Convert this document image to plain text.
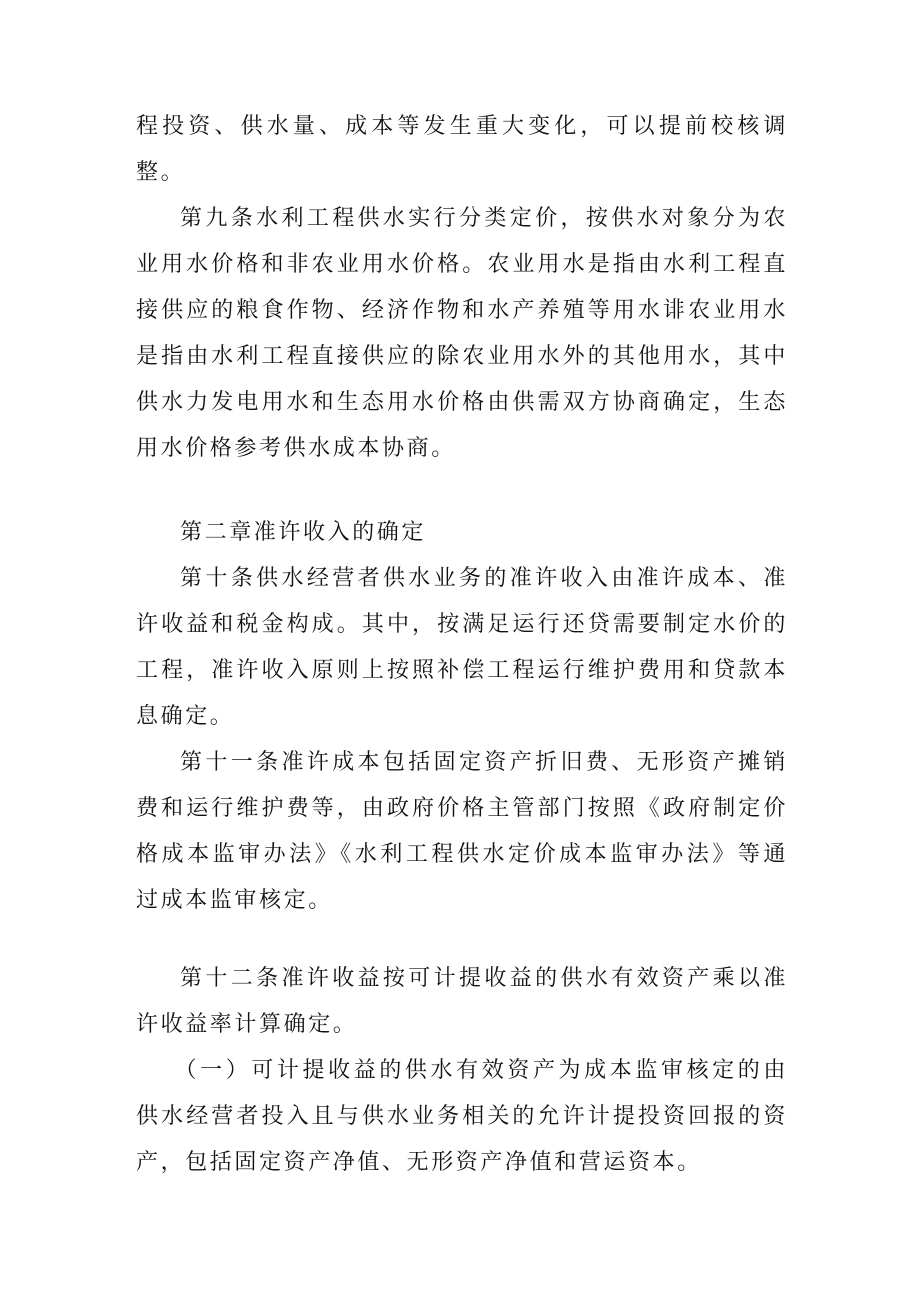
程投资、供水量、成本等发生重大变化，可以提前校核调整。

第九条水利工程供水实行分类定价，按供水对象分为农业用水价格和非农业用水价格。农业用水是指由水利工程直接供应的粮食作物、经济作物和水产养殖等用水诽农业用水是指由水利工程直接供应的除农业用水外的其他用水，其中供水力发电用水和生态用水价格由供需双方协商确定，生态用水价格参考供水成本协商。

第二章准许收入的确定

第十条供水经营者供水业务的准许收入由准许成本、准许收益和税金构成。其中，按满足运行还贷需要制定水价的工程，准许收入原则上按照补偿工程运行维护费用和贷款本息确定。

第十一条准许成本包括固定资产折旧费、无形资产摊销费和运行维护费等，由政府价格主管部门按照《政府制定价格成本监审办法》《水利工程供水定价成本监审办法》等通过成本监审核定。

第十二条准许收益按可计提收益的供水有效资产乘以准许收益率计算确定。

（一）可计提收益的供水有效资产为成本监审核定的由供水经营者投入且与供水业务相关的允许计提投资回报的资产，包括固定资产净值、无形资产净值和营运资本。
